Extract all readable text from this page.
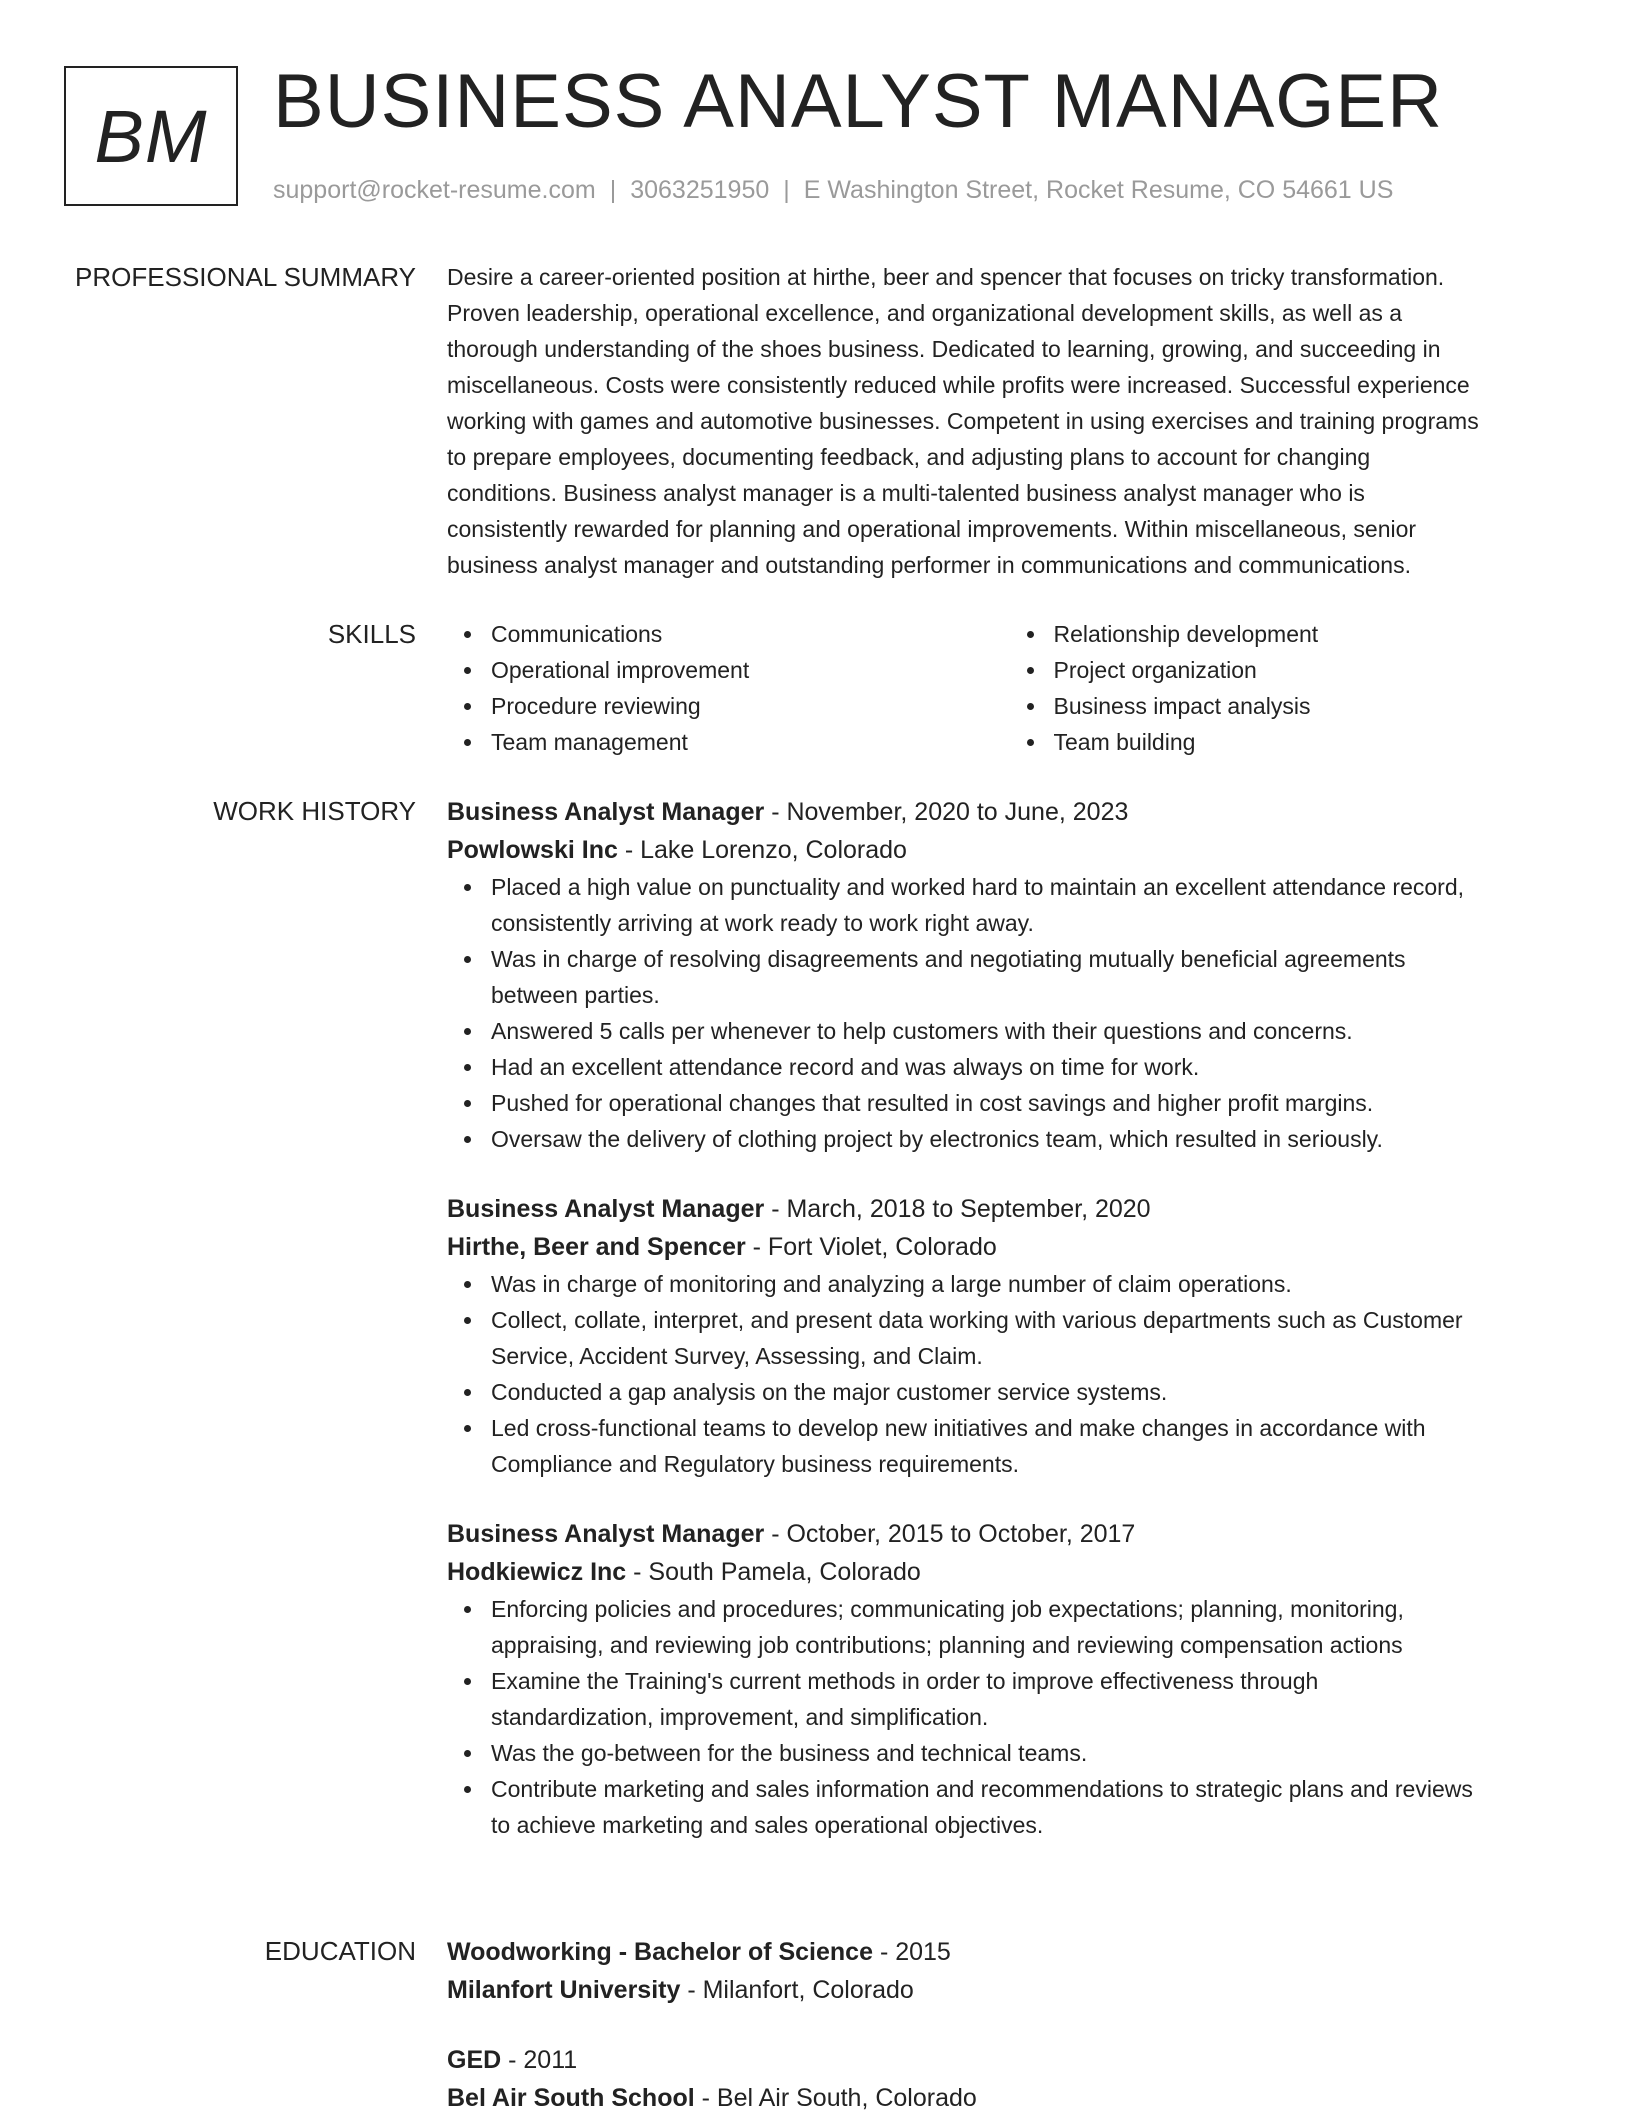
BM BUSINESS ANALYST MANAGER
support@rocket-resume.com | 3063251950 | E Washington Street, Rocket Resume, CO 54661 US
PROFESSIONAL SUMMARY Desire a career-oriented position at hirthe, beer and spencer that focuses on tricky transformation.

Proven leadership, operational excellence, and organizational development skills, as well as a

thorough understanding of the shoes business. Dedicated to learning, growing, and succeeding in

miscellaneous. Costs were consistently reduced while profits were increased. Successful experience

working with games and automotive businesses. Competent in using exercises and training programs

to prepare employees, documenting feedback, and adjusting plans to account for changing

conditions. Business analyst manager is a multi-talented business analyst manager who is

consistently rewarded for planning and operational improvements. Within miscellaneous, senior

business analyst manager and outstanding performer in communications and communications.

SKILLS	Communications
Operational improvement
Procedure reviewing
Team management
Relationship development
Project organization
Business impact analysis
Team building
WORK HISTORY Business Analyst Manager - November, 2020 to June, 2023
Powlowski Inc - Lake Lorenzo, Colorado
Placed a high value on punctuality and worked hard to maintain an excellent attendance record,
consistently arriving at work ready to work right away.
Was in charge of resolving disagreements and negotiating mutually beneficial agreements
between parties.
Answered 5 calls per whenever to help customers with their questions and concerns.
Had an excellent attendance record and was always on time for work.
Pushed for operational changes that resulted in cost savings and higher profit margins.
Oversaw the delivery of clothing project by electronics team, which resulted in seriously.
Business Analyst Manager - March, 2018 to September, 2020
Hirthe, Beer and Spencer - Fort Violet, Colorado
Was in charge of monitoring and analyzing a large number of claim operations.
Collect, collate, interpret, and present data working with various departments such as Customer
Service, Accident Survey, Assessing, and Claim.
Conducted a gap analysis on the major customer service systems.
Led cross-functional teams to develop new initiatives and make changes in accordance with
Compliance and Regulatory business requirements.
Business Analyst Manager - October, 2015 to October, 2017
Hodkiewicz Inc - South Pamela, Colorado
Enforcing policies and procedures; communicating job expectations; planning, monitoring,
appraising, and reviewing job contributions; planning and reviewing compensation actions
Examine the Training's current methods in order to improve effectiveness through
standardization, improvement, and simplification.
Was the go-between for the business and technical teams.
Contribute marketing and sales information and recommendations to strategic plans and reviews
to achieve marketing and sales operational objectives.
EDUCATION Woodworking - Bachelor of Science - 2015
Milanfort University - Milanfort, Colorado
GED - 2011
Bel Air South School - Bel Air South, Colorado
